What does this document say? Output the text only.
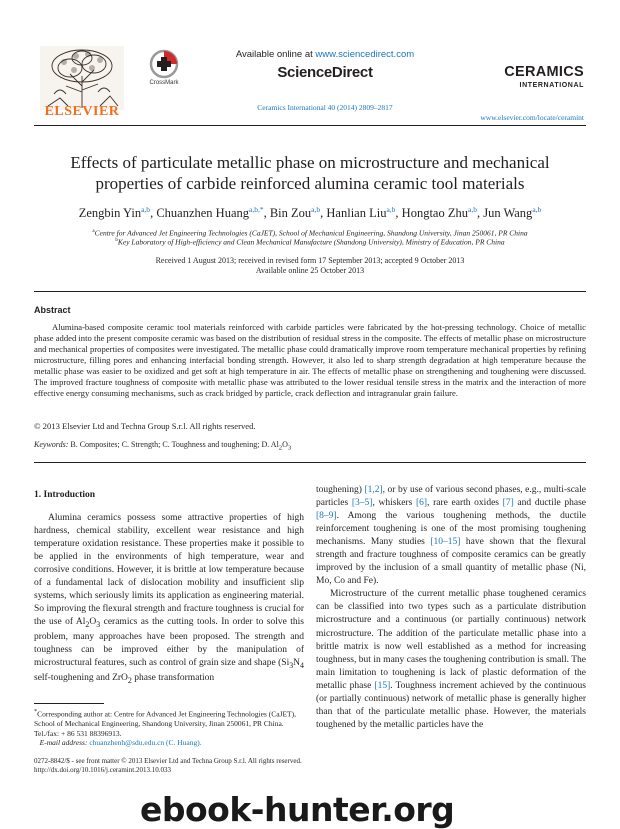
ELSEVIER
CrossMark
Available online at www.sciencedirect.com
ScienceDirect
Ceramics International 40 (2014) 2809–2817
CERAMICS
INTERNATIONAL
www.elsevier.com/locate/ceramint
Effects of particulate metallic phase on microstructure and mechanical properties of carbide reinforced alumina ceramic tool materials
Zengbin Yin$^{a,b}$, Chuanzhen Huang$^{a,b,*}$, Bin Zou$^{a,b}$, Hanlian Liu$^{a,b}$, Hongtao Zhu$^{a,b}$, Jun Wang$^{a,b}$
$^a$Centre for Advanced Jet Engineering Technologies (CaJET), School of Mechanical Engineering, Shandong University, Jinan 250061, PR China
$^b$Key Laboratory of High-efficiency and Clean Mechanical Manufacture (Shandong University), Ministry of Education, PR China
Received 1 August 2013; received in revised form 17 September 2013; accepted 9 October 2013
Available online 25 October 2013
Abstract
Alumina-based composite ceramic tool materials reinforced with carbide particles were fabricated by the hot-pressing technology. Choice of metallic phase added into the present composite ceramic was based on the distribution of residual stress in the composite. The effects of metallic phase on microstructure and mechanical properties of composites were investigated. The metallic phase could dramatically improve room temperature mechanical properties by refining microstructure, filling pores and enhancing interfacial bonding strength. However, it also led to sharp strength degradation at high temperature because the metallic phase was easier to be oxidized and get soft at high temperature in air. The effects of metallic phase on strengthening and toughening were discussed. The improved fracture toughness of composite with metallic phase was attributed to the lower residual tensile stress in the matrix and the interaction of more effective energy consuming mechanisms, such as crack bridged by particle, crack deflection and intragranular grain failure.
© 2013 Elsevier Ltd and Techna Group S.r.l. All rights reserved.
Keywords: B. Composites; C. Strength; C. Toughness and toughening; D. $Al_2O_3$
1. Introduction

Alumina ceramics possess some attractive properties of high hardness, chemical stability, excellent wear resistance and high temperature oxidation resistance. These properties make it possible to be applied in the environments of high temperature, wear and corrosive conditions. However, it is brittle at low temperature because of a fundamental lack of dislocation mobility and insufficient slip systems, which seriously limits its application as engineering material. So improving the flexural strength and fracture toughness is crucial for the use of $Al_2O_3$ ceramics as the cutting tools. In order to solve this problem, many approaches have been proposed. The strength and toughness can be improved either by the manipulation of microstructural features, such as control of grain size and shape ($Si_3N_4$ self-toughening and ZrO$_2$ phase transformation

toughening) [1,2], or by use of various second phases, e.g., multi-scale particles [3–5], whiskers [6], rare earth oxides [7] and ductile phase [8–9]. Among the various toughening methods, the ductile reinforcement toughening is one of the most promising toughening mechanisms. Many studies [10–15] have shown that the flexural strength and fracture toughness of composite ceramics can be greatly improved by the inclusion of a small quantity of metallic phase (Ni, Mo, Co and Fe).

Microstructure of the current metallic phase toughened ceramics can be classified into two types such as a particulate distribution microstructure and a continuous (or partially continuous) network microstructure. The addition of the particulate metallic phase into a brittle matrix is now well established as a method for increasing toughness, but in many cases the toughening contribution is small. The main limitation to toughening is lack of plastic deformation of the metallic phase [15]. Toughness increment achieved by the continuous (or partially continuous) network of metallic phase is generally higher than that of the particulate metallic phase. However, the materials toughened by the metallic particles have the

*Corresponding author at: Centre for Advanced Jet Engineering Technologies (CaJET), School of Mechanical Engineering, Shandong University, Jinan 250061, PR China. Tel./fax: + 86 531 88396913.
E-mail address: chuanzhenh@sdu.edu.cn (C. Huang).
0272-8842/$ - see front matter © 2013 Elsevier Ltd and Techna Group S.r.l. All rights reserved.
http://dx.doi.org/10.1016/j.ceramint.2013.10.033
ebook-hunter.org
